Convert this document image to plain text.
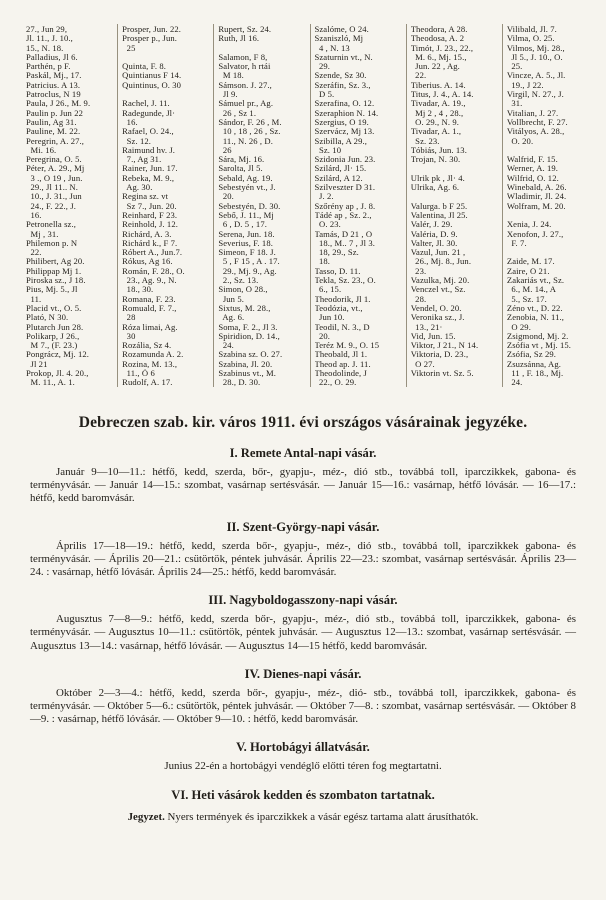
27., Jun 29,
Jl. 11., J. 10.,
15., N. 18.
Palladius, Jl 6.
Parthén, p F.
Paskál, Mj., 17.
Patricius. A 13.
Patroclus, N 19
Paula, J 26., M. 9.
Paulin p. Jun 22
Paulin, Ag 31.
Pauline, M. 22.
Peregrin, A. 27.,
Mi. 16.
Peregrina, O. 5.
Péter, A. 29., Mj
3 ., O 19 , Jun.
29., Jl 11.. N.
10., J. 31., Jun
24., F. 22., J.
16.
Petronella sz.,
Mj , 31.
Philemon p. N
22.
Philibert, Ag 20.
Philippap Mj 1.
Piroska sz., J 18.
Pius, Mj. 5., Jl
11.
Placid vt., O. 5.
Plató, N 30.
Plutarch Jun 28.
Polikarp, J 26.,
M 7., (F. 23.)
Pongrácz, Mj. 12.
Jl 21
Prokop, Jl. 4. 20.,
M. 11., A. 1.
Prosper, Jun. 22.
Prosper p., Jun.
25

Quinta, F. 8.
Quintianus F 14.
Quintinus, O. 30

Rachel, J. 11.
Radegunde, Jl·
16.
Rafael, O. 24.,
Sz. 12.
Raimund hv. J.
7., Ag 31.
Rainer, Jun. 17.
Rebeka, M. 9.,
Ag. 30.
Regina sz. vt
Sz 7., Jun. 20.
Reinhard, F 23.
Reinhold, J. 12.
Richárd, A. 3.
Richárd k., F 7.
Róbert A., Jun.7.
Rókus, Ag 16.
Román, F. 28., O.
23., Ag. 9., N.
18., 30.
Romana, F. 23.
Romuald, F. 7.,
28
Róza limai, Ag.
30
Rozália, Sz 4.
Rozamunda A. 2.
Rozina, M. 13.,
11., Ó 6
Rudolf, A. 17.
Rupert, Sz. 24.
Ruth, Jl 16.

Salamon, F 8,
Salvator, h rtái
M 18.
Sámson. J. 27.,
Jl 9.
Sámuel pr., Ag.
26 , Sz 1.
Sándor, F. 26 , M.
10 , 18 , 26 , Sz.
11., N. 26 , D.
26
Sára, Mj. 16.
Sarolta, Jl 5.
Sebald, Ag. 19.
Sebestyén vt., J.
20.
Sebestyén, D. 30.
Sebő, J. 11., Mj
6 , D. 5 , 17.
Serena, Jun. 18.
Severius, F. 18.
Simeon, F 18. J.
5 , F 15 , A . 17.
29., Mj. 9., Ag.
2., Sz. 13.
Simon, O 28.,
Jun 5.
Sixtus, M. 28.,
Ag. 6.
Soma, F. 2., Jl 3.
Spiridion, D. 14.,
24.
Szabina sz. O. 27.
Szabina, Jl. 20.
Szabinus vt., M.
28., D. 30.
Szalóme, O 24.
Szaniszló, Mj
4 , N. 13
Szaturnin vt., N.
29.
Szende, Sz 30.
Szeráfin, Sz. 3.,
D 5.
Szerafina, O. 12.
Szeraphion N. 14.
Szergius, O 19.
Szervácz, Mj 13.
Szibilla, A 29.,
Sz. 10
Szidonia Jun. 23.
Szilárd, Jl· 15.
Szilárd, A 12.
Szilveszter D 31.
J. 2.
Szőrény ap , J. 8.
Tádé ap , Sz. 2.,
O. 23.
Tamás, D 21 , O
18., M.. 7 , Jl 3.
18, 29., Sz.
18.
Tasso, D. 11.
Tekla, Sz. 23., O.
6., 15.
Theodorik, Jl 1.
Teodózia, vt.,
Jun 10.
Teodil, N. 3., D
20.
Teréz M. 9., O. 15
Theobald, Jl 1.
Theod ap. J. 11.
Theodolinde, J
22., O. 29.
Theodora, A 28.
Theodosa, A. 2
Timót, J. 23., 22.,
M. 6., Mj. 15.,
Jun. 22 , Ag.
22.
Tiberius. A. 14.
Titus, J. 4., A. 14.
Tivadar, A. 19.,
Mj 2 , 4 , 28.,
O. 29., N. 9.
Tivadar, A. 1.,
Sz. 23.
Tóbiás, Jun. 13.
Trojan, N. 30.

Ulrik pk , Jl· 4.
Ulrika, Ag. 6.

Valurga. b F 25.
Valentina, Jl 25.
Valér, J. 29.
Valéria, D. 9.
Valter, Jl. 30.
Vazul, Jun. 21 ,
26., Mj. 8., Jun.
23.
Vazulka, Mj. 20.
Venczel vt., Sz.
28.
Vendel, O. 20.
Veronika sz., J.
13., 21·
Vid, Jun. 15.
Viktor, J 21., N 14.
Viktoria, D. 23.,
O 27.
Viktorin vt. Sz. 5.
Vilibald, Jl. 7.
Vilma, O. 25.
Vilmos, Mj. 28.,
Jl 5., J. 10., O.
25.
Vincze, A. 5., Jl.
19., J 22.
Virgil, N. 27., J.
31.
Vitalian, J. 27.
Vollbrecht, F. 27.
Vitályos, A. 28.,
O. 20.

Walfrid, F. 15.
Werner, A. 19.
Wilfrid, O. 12.
Winebald, A. 26.
Wladimir, Jl. 24.
Wolfram, M. 20.

Xenia, J. 24.
Xenofon, J. 27.,
F. 7.

Zaide, M. 17.
Zaire, O 21.
Zakariás vt., Sz.
6., M. 14., A
5., Sz. 17.
Zéno vt., D. 22.
Zenobia, N. 11.,
O 29.
Zsigmond, Mj. 2.
Zsófia vt , Mj. 15.
Zsófia, Sz 29.
Zsuzsánna, Ag.
11 , F. 18., Mj.
24.
Debreczen szab. kir. város 1911. évi országos vásárainak jegyzéke.
I. Remete Antal-napi vásár.

Január 9—10—11.: hétfő, kedd, szerda, bőr-, gyapju-, méz-, dió stb., továbbá toll, iparczikkek, gabona- és terményvásár. — Január 14—15.: szombat, vasárnap sertésvásár. — Január 15—16.: vasárnap, hétfő lóvásár. — 16—17.: hétfő, kedd baromvásár.

II. Szent-György-napi vásár.

Április 17—18—19.: hétfő, kedd, szerda bőr-, gyapju-, méz-, dió stb., továbbá toll, iparczikkek gabona- és terményvásár. — Április 20—21.: csütörtök, péntek juhvásár. Április 22—23.: szombat, vasárnap sertésvásár. Április 23—24. : vasárnap, hétfő lóvásár. Április 24—25.: hétfő, kedd baromvásár.

III. Nagyboldogasszony-napi vásár.

Augusztus 7—8—9.: hétfő, kedd, szerda bőr-, gyapju-, méz-, dió stb., továbbá toll, iparczikkek, gabona- és terményvásár. — Augusztus 10—11.: csütörtök, péntek juhvásár. — Augusztus 12—13.: szombat, vasárnap sertésvásár. — Augusztus 13—14.: vasárnap, hétfő lóvásár. — Augusztus 14—15 hétfő, kedd baromvásár.

IV. Dienes-napi vásár.

Október 2—3—4.: hétfő, kedd, szerda bőr-, gyapju-, méz-, dió- stb., továbbá toll, iparczikkek, gabona- és terményvásár. — Október 5—6.: csütörtök, péntek juhvásár. — Október 7—8. : szombat, vasárnap sertésvásár. — Október 8—9. : vasárnap, hétfő lóvásár. — Október 9—10. : hétfő, kedd baromvásár.

V. Hortobágyi állatvásár.

Junius 22-én a hortobágyi vendéglő előtti téren fog megtartatni.

VI. Heti vásárok kedden és szombaton tartatnak.

Jegyzet. Nyers termények és iparczikkek a vásár egész tartama alatt árusíthatók.
